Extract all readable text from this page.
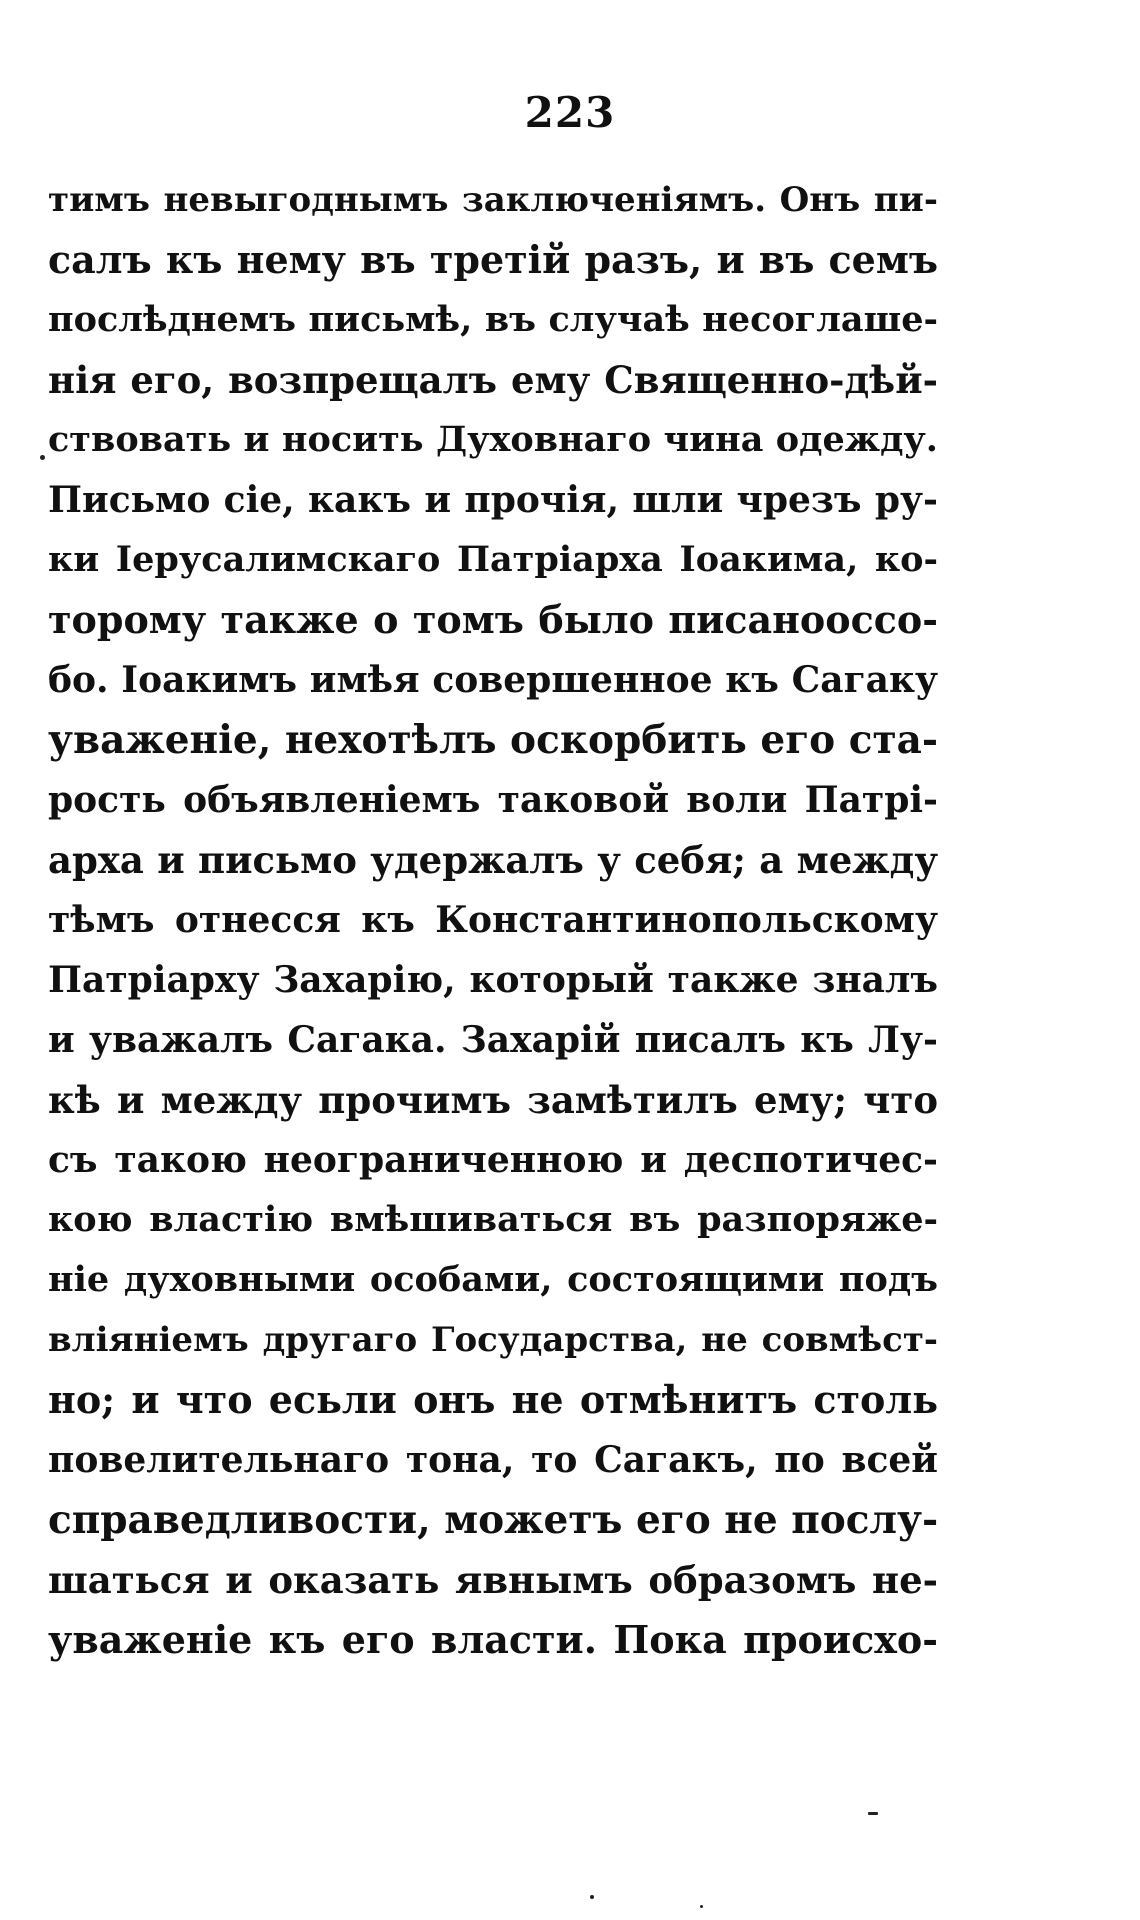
223
тимъ невыгоднымъ заключеніямъ. Онъ пи-
салъ къ нему въ третій разъ, и въ семъ
послѣднемъ письмѣ, въ случаѣ несоглаше-
нія его, возпрещалъ ему Священно-дѣй-
ствовать и носить Духовнаго чина одежду.
Письмо сіе, какъ и прочія, шли чрезъ ру-
ки Іерусалимскаго Патріарха Іоакима, ко-
торому также о томъ было писанооссо-
бо. Іоакимъ имѣя совершенное къ Сагаку
уваженіе, нехотѣлъ оскорбить его ста-
рость объявленіемъ таковой воли Патрі-
арха и письмо удержалъ у себя; а между
тѣмъ отнесся къ Константинопольскому
Патріарху Захарію, который также зналъ
и уважалъ Сагака. Захарій писалъ къ Лу-
кѣ и между прочимъ замѣтилъ ему; что
съ такою неограниченною и деспотичес-
кою властію вмѣшиваться въ разпоряже-
ніе духовными особами, состоящими подъ
вліяніемъ другаго Государства, не совмѣст-
но; и что есьли онъ не отмѣнитъ столь
повелительнаго тона, то Сагакъ, по всей
справедливости, можетъ его не послу-
шаться и оказать явнымъ образомъ не-
уваженіе къ его власти. Пока происхо-
